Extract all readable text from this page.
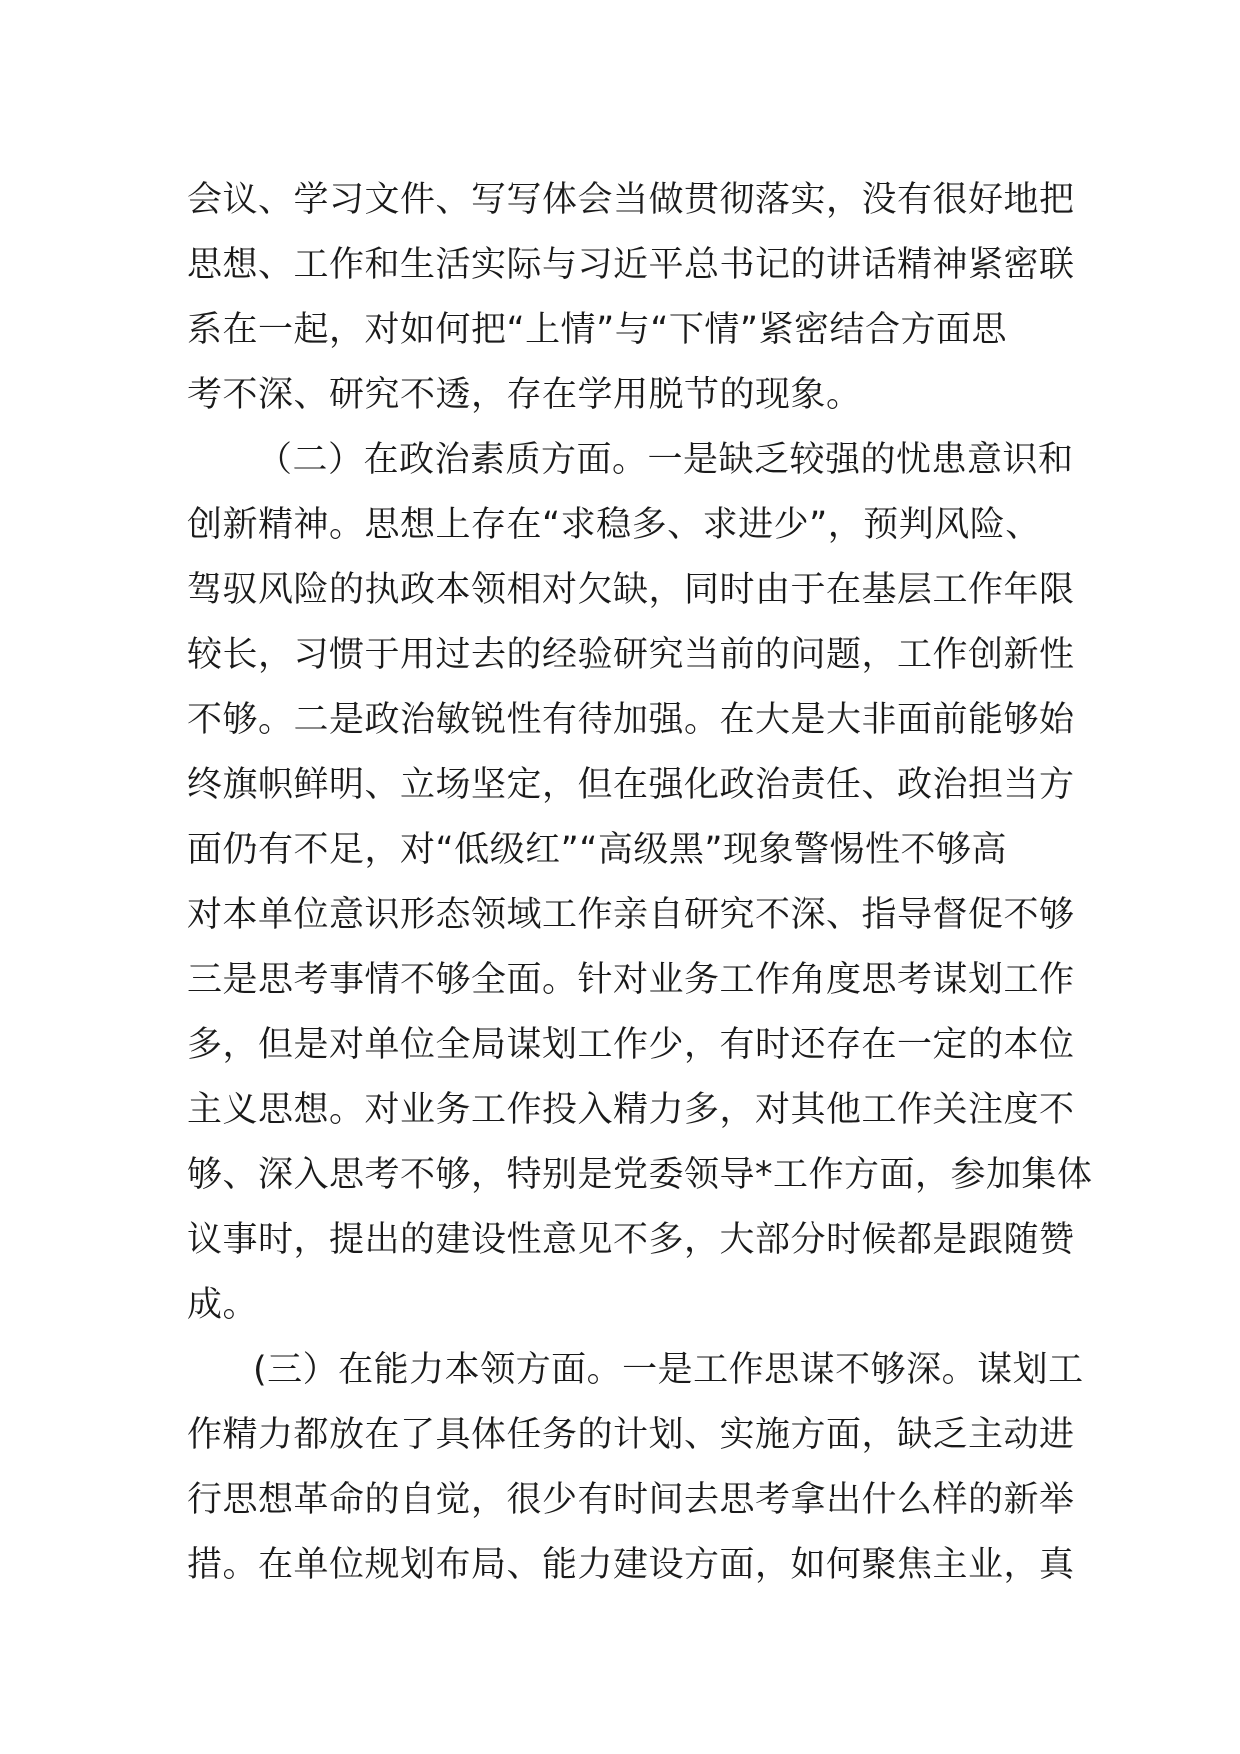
会议、学习文件、写写体会当做贯彻落实，没有很好地把
思想、工作和生活实际与习近平总书记的讲话精神紧密联
系在一起，对如何把“上情”与“下情”紧密结合方面思
考不深、研究不透，存在学用脱节的现象。
（二）在政治素质方面。一是缺乏较强的忧患意识和
创新精神。思想上存在“求稳多、求进少”，预判风险、
驾驭风险的执政本领相对欠缺，同时由于在基层工作年限
较长，习惯于用过去的经验研究当前的问题，工作创新性
不够。二是政治敏锐性有待加强。在大是大非面前能够始
终旗帜鲜明、立场坚定，但在强化政治责任、政治担当方
面仍有不足，对“低级红”“高级黑”现象警惕性不够高
对本单位意识形态领域工作亲自研究不深、指导督促不够
三是思考事情不够全面。针对业务工作角度思考谋划工作
多，但是对单位全局谋划工作少，有时还存在一定的本位
主义思想。对业务工作投入精力多，对其他工作关注度不
够、深入思考不够，特别是党委领导*工作方面，参加集体
议事时，提出的建设性意见不多，大部分时候都是跟随赞
成。
(三）在能力本领方面。一是工作思谋不够深。谋划工
作精力都放在了具体任务的计划、实施方面，缺乏主动进
行思想革命的自觉，很少有时间去思考拿出什么样的新举
措。在单位规划布局、能力建设方面，如何聚焦主业，真
